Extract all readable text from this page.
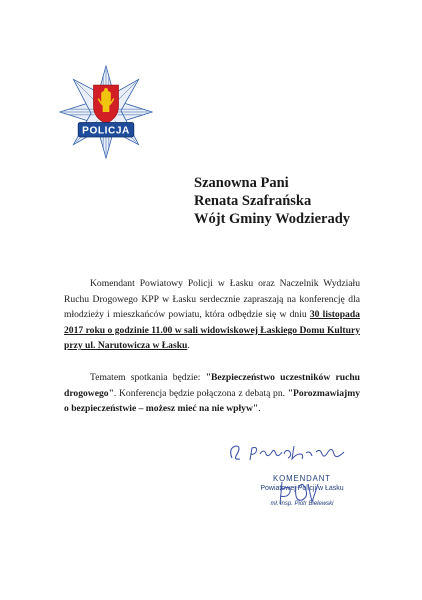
POLICJA
Szanowna Pani
Renata Szafrańska
Wójt Gminy Wodzierady
Komendant Powiatowy Policji w Łasku oraz Naczelnik Wydziału Ruchu Drogowego KPP w Łasku serdecznie zapraszają na konferencję dla młodzieży i mieszkańców powiatu, która odbędzie się w dniu 30 listopada 2017 roku o godzinie 11.00 w sali widowiskowej Łaskiego Domu Kultury przy ul. Narutowicza w Łasku.
Tematem spotkania będzie: "Bezpieczeństwo uczestników ruchu drogowego". Konferencja będzie połączona z debatą pn. "Porozmawiajmy o bezpieczeństwie – możesz mieć na nie wpływ".
KOMENDANT
Powiatowej Policji w Łasku
mł. insp. Piotr Bielewski
